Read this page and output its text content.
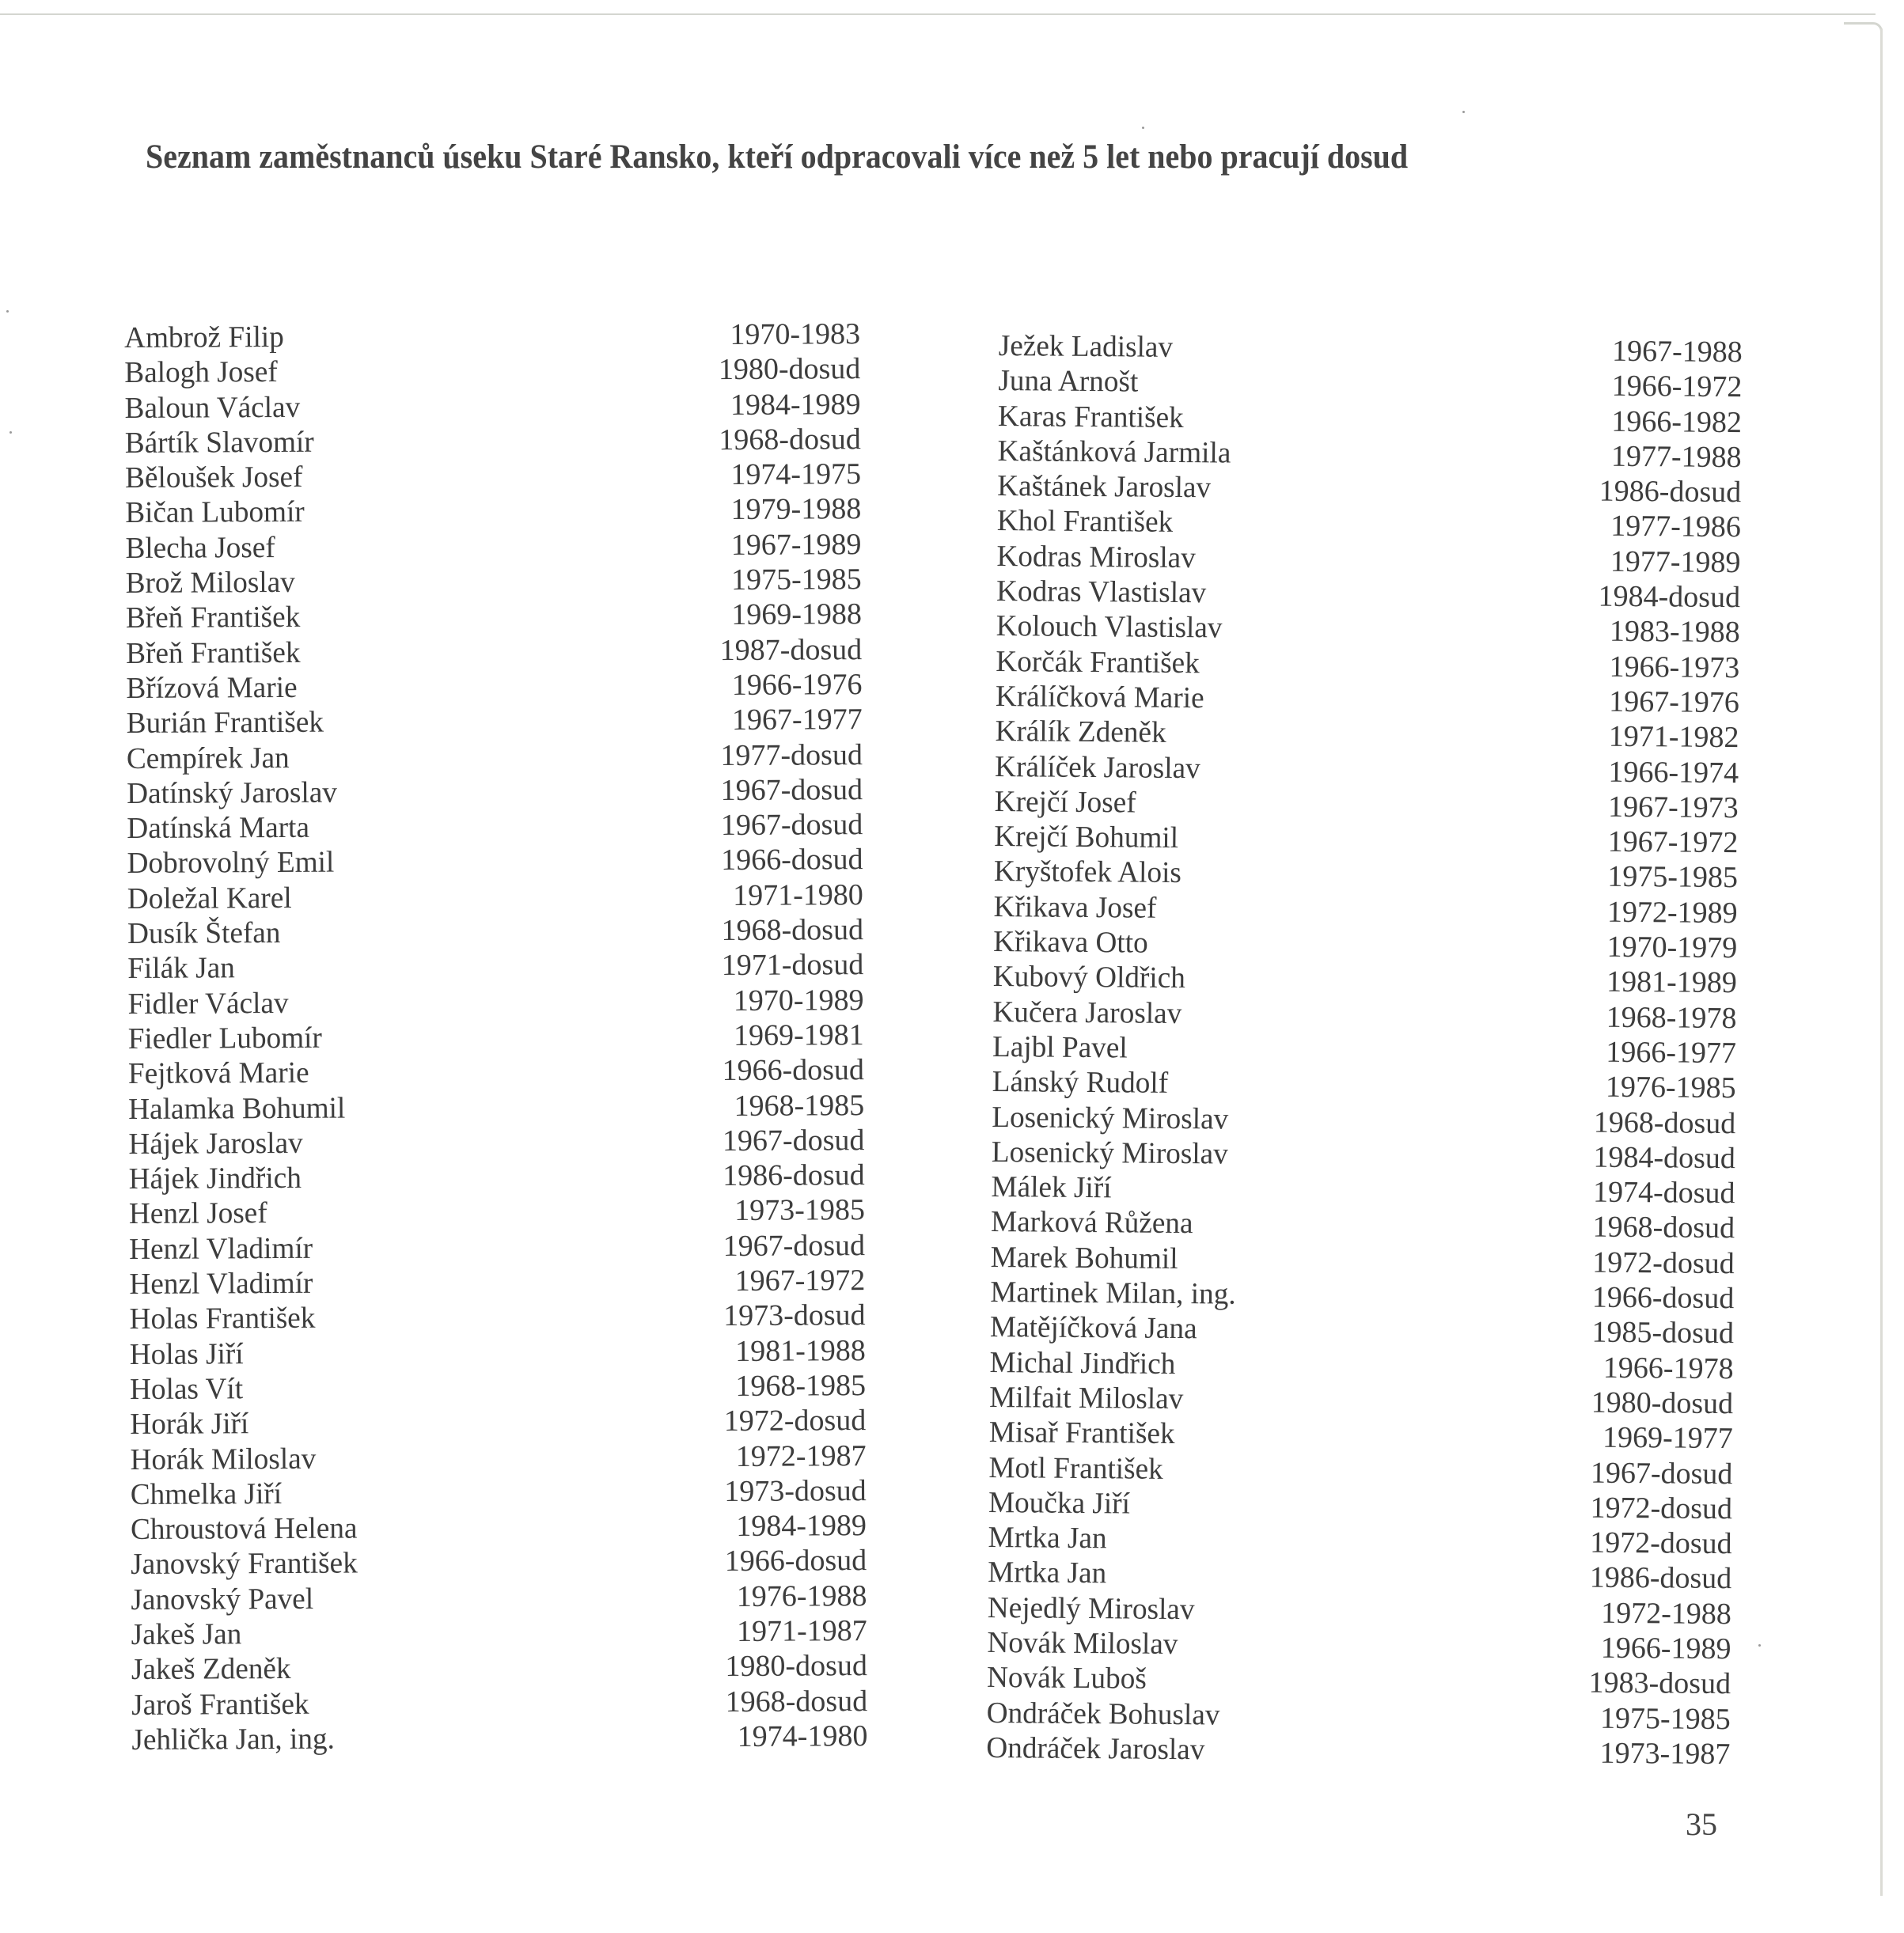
Seznam zaměstnanců úseku Staré Ransko, kteří odpracovali více než 5 let nebo pracují dosud
Ambrož Filip	1970-1983
Balogh Josef	1980-dosud
Baloun Václav	1984-1989
Bártík Slavomír	1968-dosud
Běloušek Josef	1974-1975
Bičan Lubomír	1979-1988
Blecha Josef	1967-1989
Brož Miloslav	1975-1985
Břeň František	1969-1988
Břeň František	1987-dosud
Břízová Marie	1966-1976
Burián František	1967-1977
Cempírek Jan	1977-dosud
Datínský Jaroslav	1967-dosud
Datínská Marta	1967-dosud
Dobrovolný Emil	1966-dosud
Doležal Karel	1971-1980
Dusík Štefan	1968-dosud
Filák Jan	1971-dosud
Fidler Václav	1970-1989
Fiedler Lubomír	1969-1981
Fejtková Marie	1966-dosud
Halamka Bohumil	1968-1985
Hájek Jaroslav	1967-dosud
Hájek Jindřich	1986-dosud
Henzl Josef	1973-1985
Henzl Vladimír	1967-dosud
Henzl Vladimír	1967-1972
Holas František	1973-dosud
Holas Jiří	1981-1988
Holas Vít	1968-1985
Horák Jiří	1972-dosud
Horák Miloslav	1972-1987
Chmelka Jiří	1973-dosud
Chroustová Helena	1984-1989
Janovský František	1966-dosud
Janovský Pavel	1976-1988
Jakeš Jan	1971-1987
Jakeš Zdeněk	1980-dosud
Jaroš František	1968-dosud
Jehlička Jan, ing.	1974-1980
Ježek Ladislav	1967-1988
Juna Arnošt	1966-1972
Karas František	1966-1982
Kaštánková Jarmila	1977-1988
Kaštánek Jaroslav	1986-dosud
Khol František	1977-1986
Kodras Miroslav	1977-1989
Kodras Vlastislav	1984-dosud
Kolouch Vlastislav	1983-1988
Korčák František	1966-1973
Králíčková Marie	1967-1976
Králík Zdeněk	1971-1982
Králíček Jaroslav	1966-1974
Krejčí Josef	1967-1973
Krejčí Bohumil	1967-1972
Kryštofek Alois	1975-1985
Křikava Josef	1972-1989
Křikava Otto	1970-1979
Kubový Oldřich	1981-1989
Kučera Jaroslav	1968-1978
Lajbl Pavel	1966-1977
Lánský Rudolf	1976-1985
Losenický Miroslav	1968-dosud
Losenický Miroslav	1984-dosud
Málek Jiří	1974-dosud
Marková Růžena	1968-dosud
Marek Bohumil	1972-dosud
Martinek Milan, ing.	1966-dosud
Matějíčková Jana	1985-dosud
Michal Jindřich	1966-1978
Milfait Miloslav	1980-dosud
Misař František	1969-1977
Motl František	1967-dosud
Moučka Jiří	1972-dosud
Mrtka Jan	1972-dosud
Mrtka Jan	1986-dosud
Nejedlý Miroslav	1972-1988
Novák Miloslav	1966-1989
Novák Luboš	1983-dosud
Ondráček Bohuslav	1975-1985
Ondráček Jaroslav	1973-1987
35
